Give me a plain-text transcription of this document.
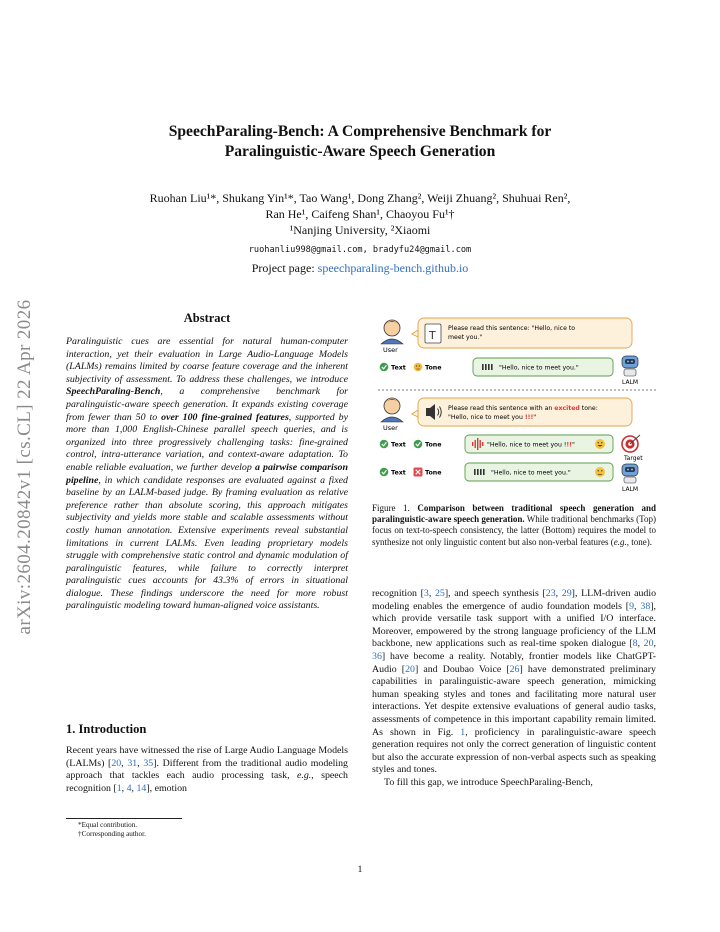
SpeechParaling-Bench: A Comprehensive Benchmark for
Paralinguistic-Aware Speech Generation
Ruohan Liu¹*, Shukang Yin¹*, Tao Wang¹, Dong Zhang², Weiji Zhuang², Shuhuai Ren²,
Ran He¹, Caifeng Shan¹, Chaoyou Fu¹†
¹Nanjing University, ²Xiaomi
ruohanliu998@gmail.com, bradyfu24@gmail.com
Project page: speechparaling-bench.github.io
arXiv:2604.20842v1 [cs.CL] 22 Apr 2026	Abstract
Paralinguistic cues are essential for natural human-computer interaction, yet their evaluation in Large Audio-Language Models (LALMs) remains limited by coarse feature coverage and the inherent subjectivity of assessment. To address these challenges, we introduce SpeechParaling-Bench, a comprehensive benchmark for paralinguistic-aware speech generation. It expands existing coverage from fewer than 50 to over 100 fine-grained features, supported by more than 1,000 English-Chinese parallel speech queries, and is organized into three progressively challenging tasks: fine-grained control, intra-utterance variation, and context-aware adaptation. To enable reliable evaluation, we further develop a pairwise comparison pipeline, in which candidate responses are evaluated against a fixed baseline by an LALM-based judge. By framing evaluation as relative preference rather than absolute scoring, this approach mitigates subjectivity and yields more stable and scalable assessments without costly human annotation. Extensive experiments reveal substantial limitations in current LALMs. Even leading proprietary models struggle with comprehensive static control and dynamic modulation of paralinguistic features, while failure to correctly interpret paralinguistic cues accounts for 43.3% of errors in situational dialogue. These findings underscore the need for more robust paralinguistic modeling toward human-aligned voice assistants.
1. Introduction
Recent years have witnessed the rise of Large Audio Language Models (LALMs) [20, 31, 35]. Different from the traditional audio modeling approach that tackles each audio processing task, e.g., speech recognition [1, 4, 14], emotion
*Equal contribution.
†Corresponding author.
1
User
T
Please read this sentence: "Hello, nice to
meet you."
Text	Tone	"Hello, nice to meet you."
LALM
User
Please read this sentence with an excited tone:
"Hello, nice to meet you !!!"
Text	Tone	"Hello, nice to meet you !!!"
Target
Text	Tone	"Hello, nice to meet you."
LALM
Figure 1. Comparison between traditional speech generation and paralinguistic-aware speech generation. While traditional benchmarks (Top) focus on text-to-speech consistency, the latter (Bottom) requires the model to synthesize not only linguistic content but also non-verbal features (e.g., tone).
recognition [3, 25], and speech synthesis [23, 29], LLM-driven audio modeling enables the emergence of audio foundation models [9, 38], which provide versatile task support with a unified I/O interface. Moreover, empowered by the strong language proficiency of the LLM backbone, new applications such as real-time spoken dialogue [8, 20, 36] have become a reality. Notably, frontier models like ChatGPT-Audio [20] and Doubao Voice [26] have demonstrated preliminary capabilities in paralinguistic-aware speech generation, mimicking human speaking styles and tones and facilitating more natural user interactions. Yet despite extensive evaluations of general audio tasks, assessments of competence in this important capability remain limited. As shown in Fig. 1, proficiency in paralinguistic-aware speech generation requires not only the correct generation of linguistic content but also the accurate expression of non-verbal aspects such as speaking styles and tones.
To fill this gap, we introduce SpeechParaling-Bench,
